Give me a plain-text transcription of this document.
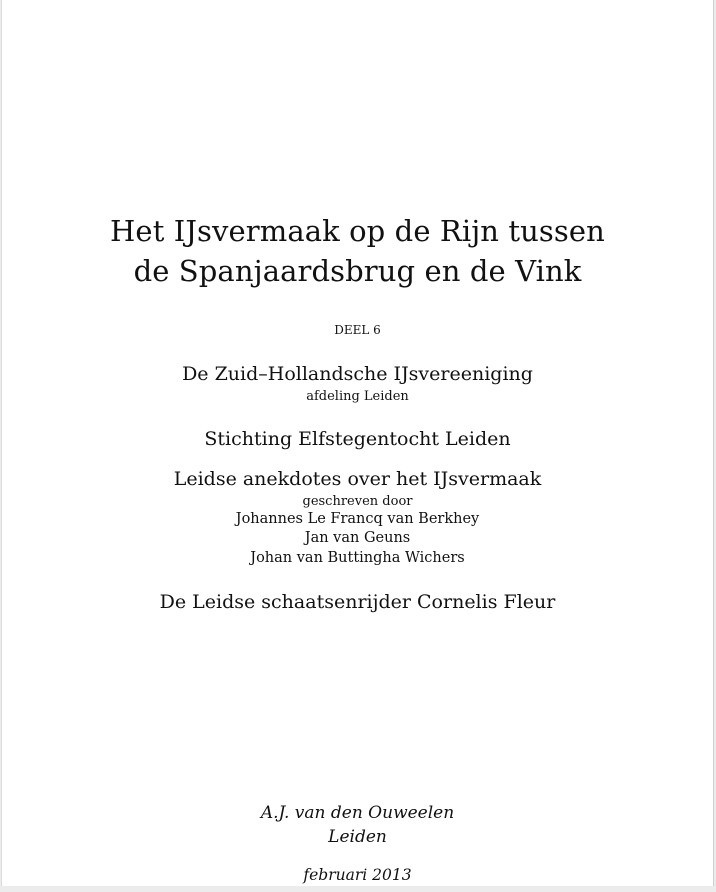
Het IJsvermaak op de Rijn tussen
de Spanjaardsbrug en de Vink
DEEL 6
De Zuid–Hollandsche IJsvereeniging
afdeling Leiden
Stichting Elfstegentocht Leiden
Leidse anekdotes over het IJsvermaak
geschreven door
Johannes Le Francq van Berkhey
Jan van Geuns
Johan van Buttingha Wichers
De Leidse schaatsenrijder Cornelis Fleur
A.J. van den Ouweelen
Leiden
februari 2013
